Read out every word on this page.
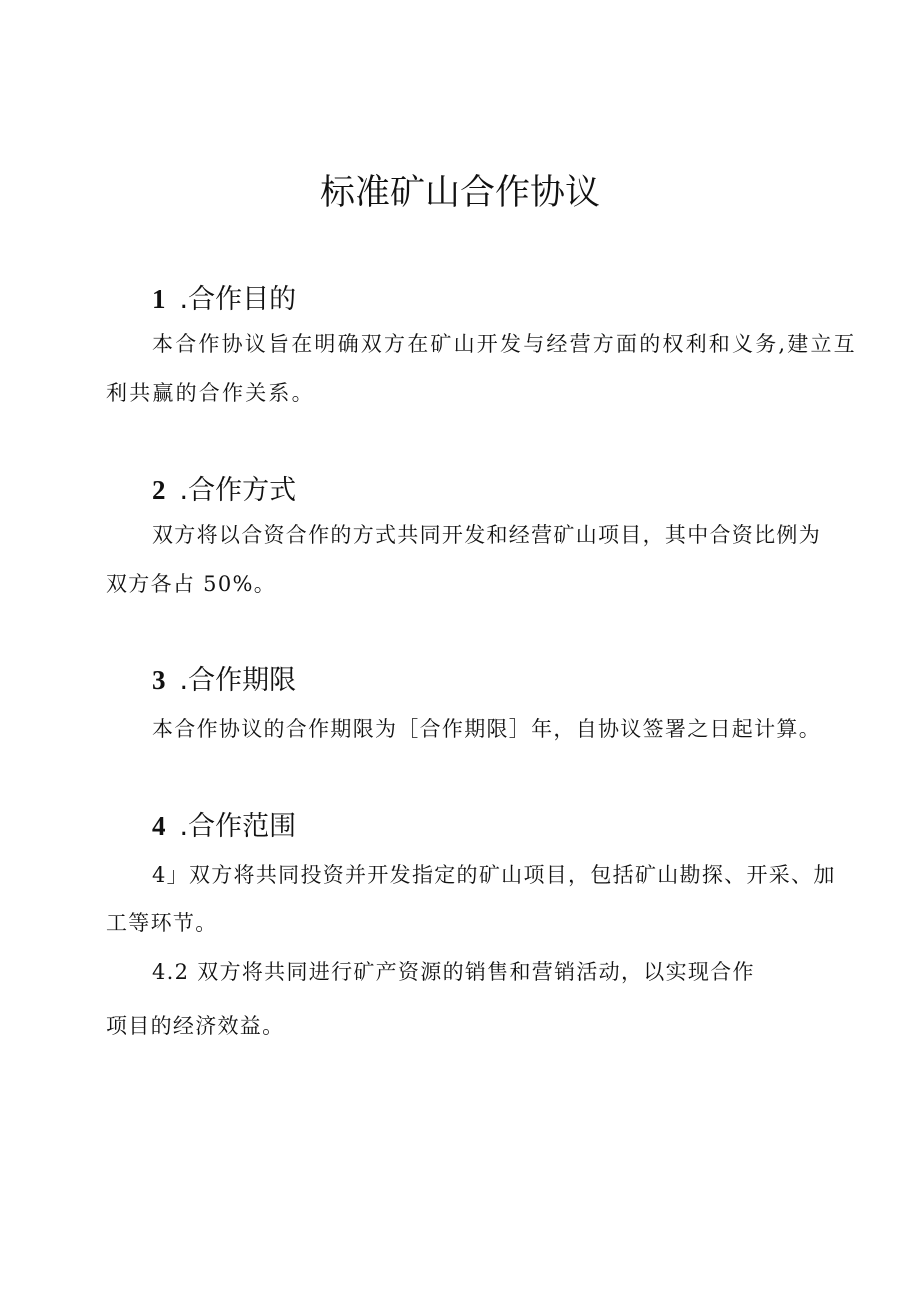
标准矿山合作协议
1 .合作目的

本合作协议旨在明确双方在矿山开发与经营方面的权利和义务,建立互

利共赢的合作关系。

2 .合作方式

双方将以合资合作的方式共同开发和经营矿山项目，其中合资比例为

双方各占 50%。

3 .合作期限

本合作协议的合作期限为［合作期限］年，自协议签署之日起计算。

4 .合作范围

4」双方将共同投资并开发指定的矿山项目，包括矿山勘探、开采、加

工等环节。

4.2 双方将共同进行矿产资源的销售和营销活动，以实现合作

项目的经济效益。
